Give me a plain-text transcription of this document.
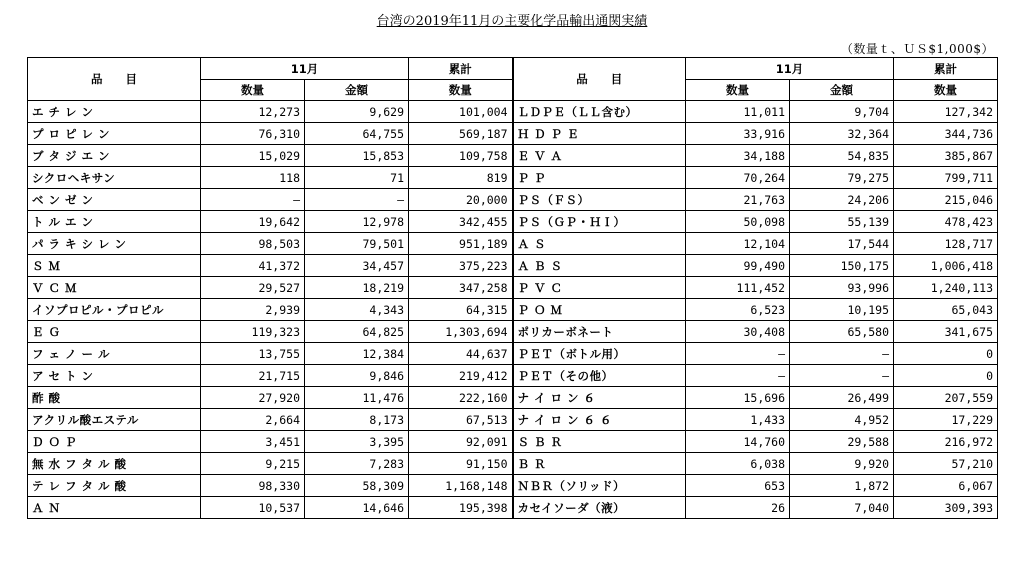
台湾の2019年11月の主要化学品輸出通関実績
（数量ｔ、ＵＳ$1,000$）
品　　目	11月		累計	品　　目	11月		累計
	数量	金額	数量		数量	金額	数量
エ チ レ ン	12,273	9,629	101,004	ＬＤＰＥ（ＬＬ含む）	11,011	9,704	127,342
プ ロ ピ レ ン	76,310	64,755	569,187	Ｈ Ｄ Ｐ Ｅ	33,916	32,364	344,736
ブ タ ジ エ ン	15,029	15,853	109,758	Ｅ Ｖ Ａ	34,188	54,835	385,867
シクロヘキサン	118	71	819	Ｐ Ｐ	70,264	79,275	799,711
ベ ン ゼ ン	―	―	20,000	ＰＳ（ＦＳ）	21,763	24,206	215,046
ト ル エ ン	19,642	12,978	342,455	ＰＳ（ＧＰ・ＨＩ）	50,098	55,139	478,423
パ ラ キ シ レ ン	98,503	79,501	951,189	Ａ Ｓ	12,104	17,544	128,717
Ｓ Ｍ	41,372	34,457	375,223	Ａ Ｂ Ｓ	99,490	150,175	1,006,418
Ｖ Ｃ Ｍ	29,527	18,219	347,258	Ｐ Ｖ Ｃ	111,452	93,996	1,240,113
イソプロピル・プロピル	2,939	4,343	64,315	Ｐ Ｏ Ｍ	6,523	10,195	65,043
Ｅ Ｇ	119,323	64,825	1,303,694	ポリカーボネート	30,408	65,580	341,675
フ ェ ノ ー ル	13,755	12,384	44,637	ＰＥＴ（ボトル用）	―	―	0
ア セ ト ン	21,715	9,846	219,412	ＰＥＴ（その他）	―	―	0
酢 酸	27,920	11,476	222,160	ナ イ ロ ン ６	15,696	26,499	207,559
アクリル酸エステル	2,664	8,173	67,513	ナ イ ロ ン ６ ６	1,433	4,952	17,229
Ｄ Ｏ Ｐ	3,451	3,395	92,091	Ｓ Ｂ Ｒ	14,760	29,588	216,972
無 水 フ タ ル 酸	9,215	7,283	91,150	Ｂ Ｒ	6,038	9,920	57,210
テ レ フ タ ル 酸	98,330	58,309	1,168,148	ＮＢＲ（ソリッド）	653	1,872	6,067
Ａ Ｎ	10,537	14,646	195,398	カセイソーダ（液）	26	7,040	309,393
